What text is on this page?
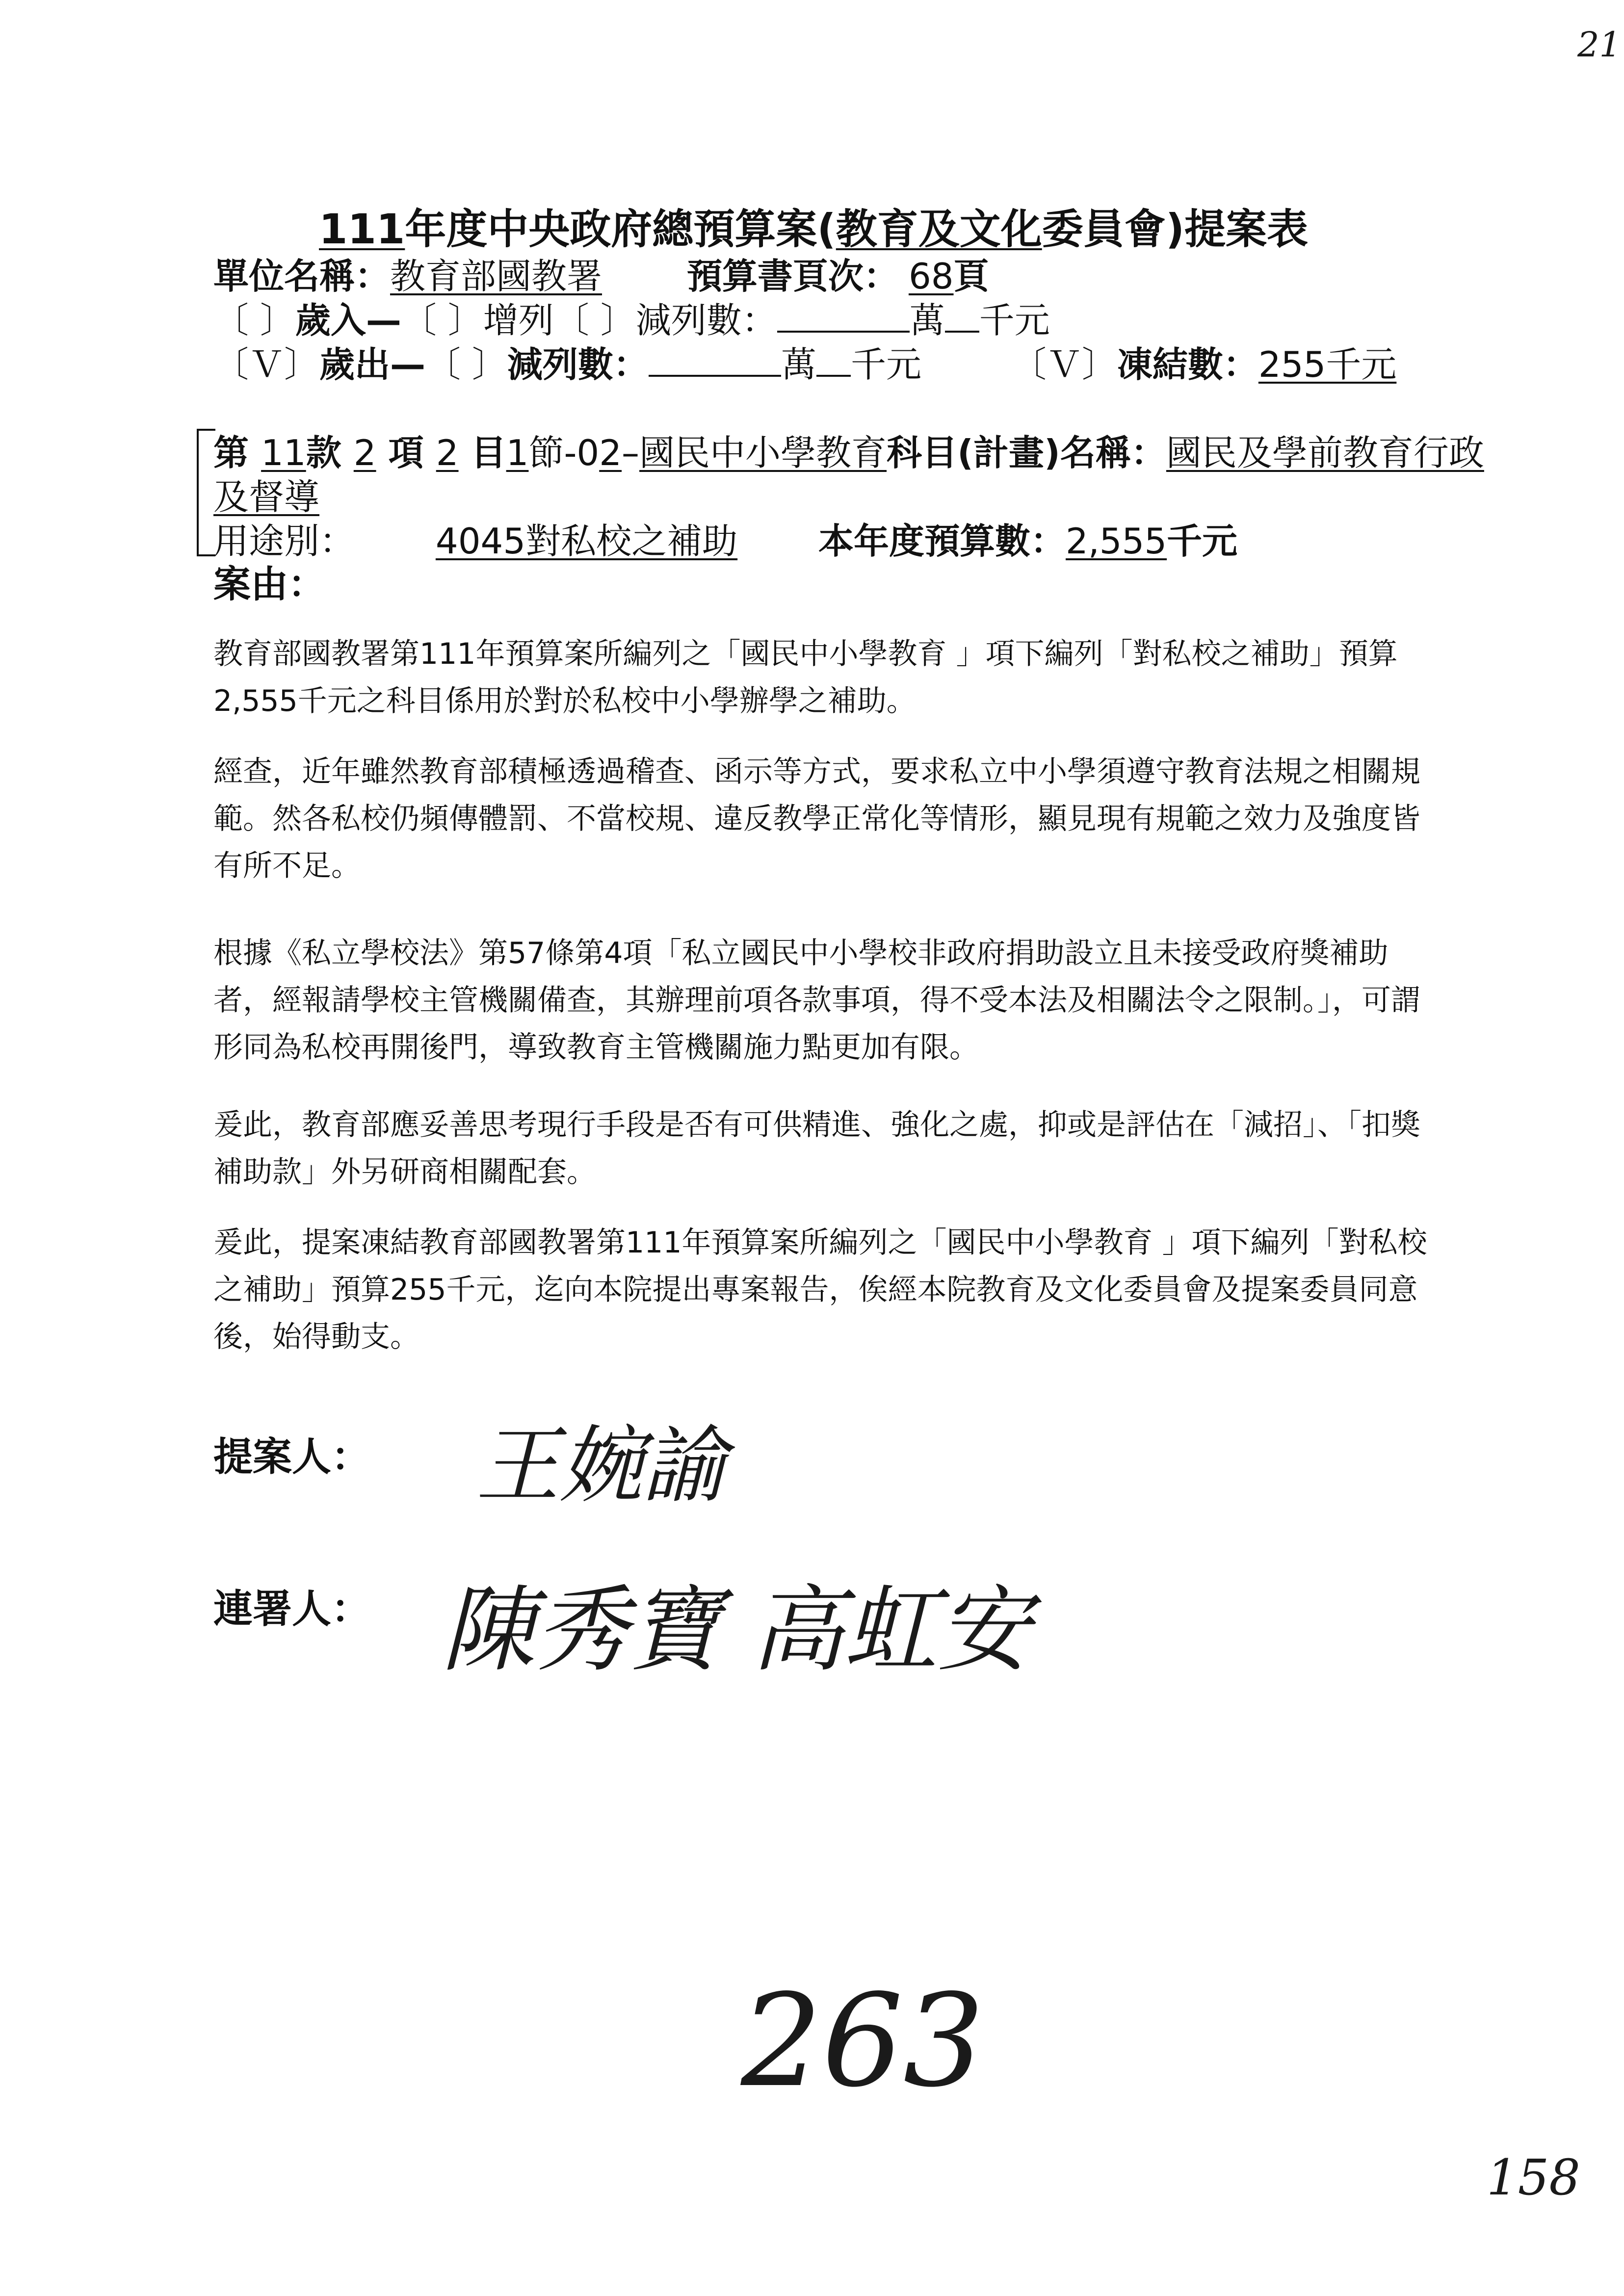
21
111年度中央政府總預算案(教育及文化委員會)提案表
單位名稱：教育部國教署 預算書頁次： 68頁
〔 〕歲入—〔 〕增列〔 〕減列數：	萬 千元
〔Ｖ〕歲出—〔 〕減列數：	萬 千元	〔Ｖ〕凍結數：255千元
第 11款 2 項 2 目1節-02–國民中小學教育科目(計畫)名稱：國民及學前教育行政
及督導
用途別： 4045對私校之補助 本年度預算數：2,555千元
案由：
教育部國教署第111年預算案所編列之「國民中小學教育 」項下編列「對私校之補助」預算2,555千元之科目係用於對於私校中小學辦學之補助。
經查，近年雖然教育部積極透過稽查、函示等方式，要求私立中小學須遵守教育法規之相關規範。然各私校仍頻傳體罰、不當校規、違反教學正常化等情形，顯見現有規範之效力及強度皆有所不足。
根據《私立學校法》第57條第4項「私立國民中小學校非政府捐助設立且未接受政府獎補助者，經報請學校主管機關備查，其辦理前項各款事項，得不受本法及相關法令之限制。」，可謂形同為私校再開後門，導致教育主管機關施力點更加有限。
爰此，教育部應妥善思考現行手段是否有可供精進、強化之處，抑或是評估在「減招」、「扣獎補助款」外另研商相關配套。
爰此，提案凍結教育部國教署第111年預算案所編列之「國民中小學教育 」項下編列「對私校之補助」預算255千元，迄向本院提出專案報告，俟經本院教育及文化委員會及提案委員同意後，始得動支。
提案人： 王婉諭
連署人： 陳秀寶 高虹安
263
158
